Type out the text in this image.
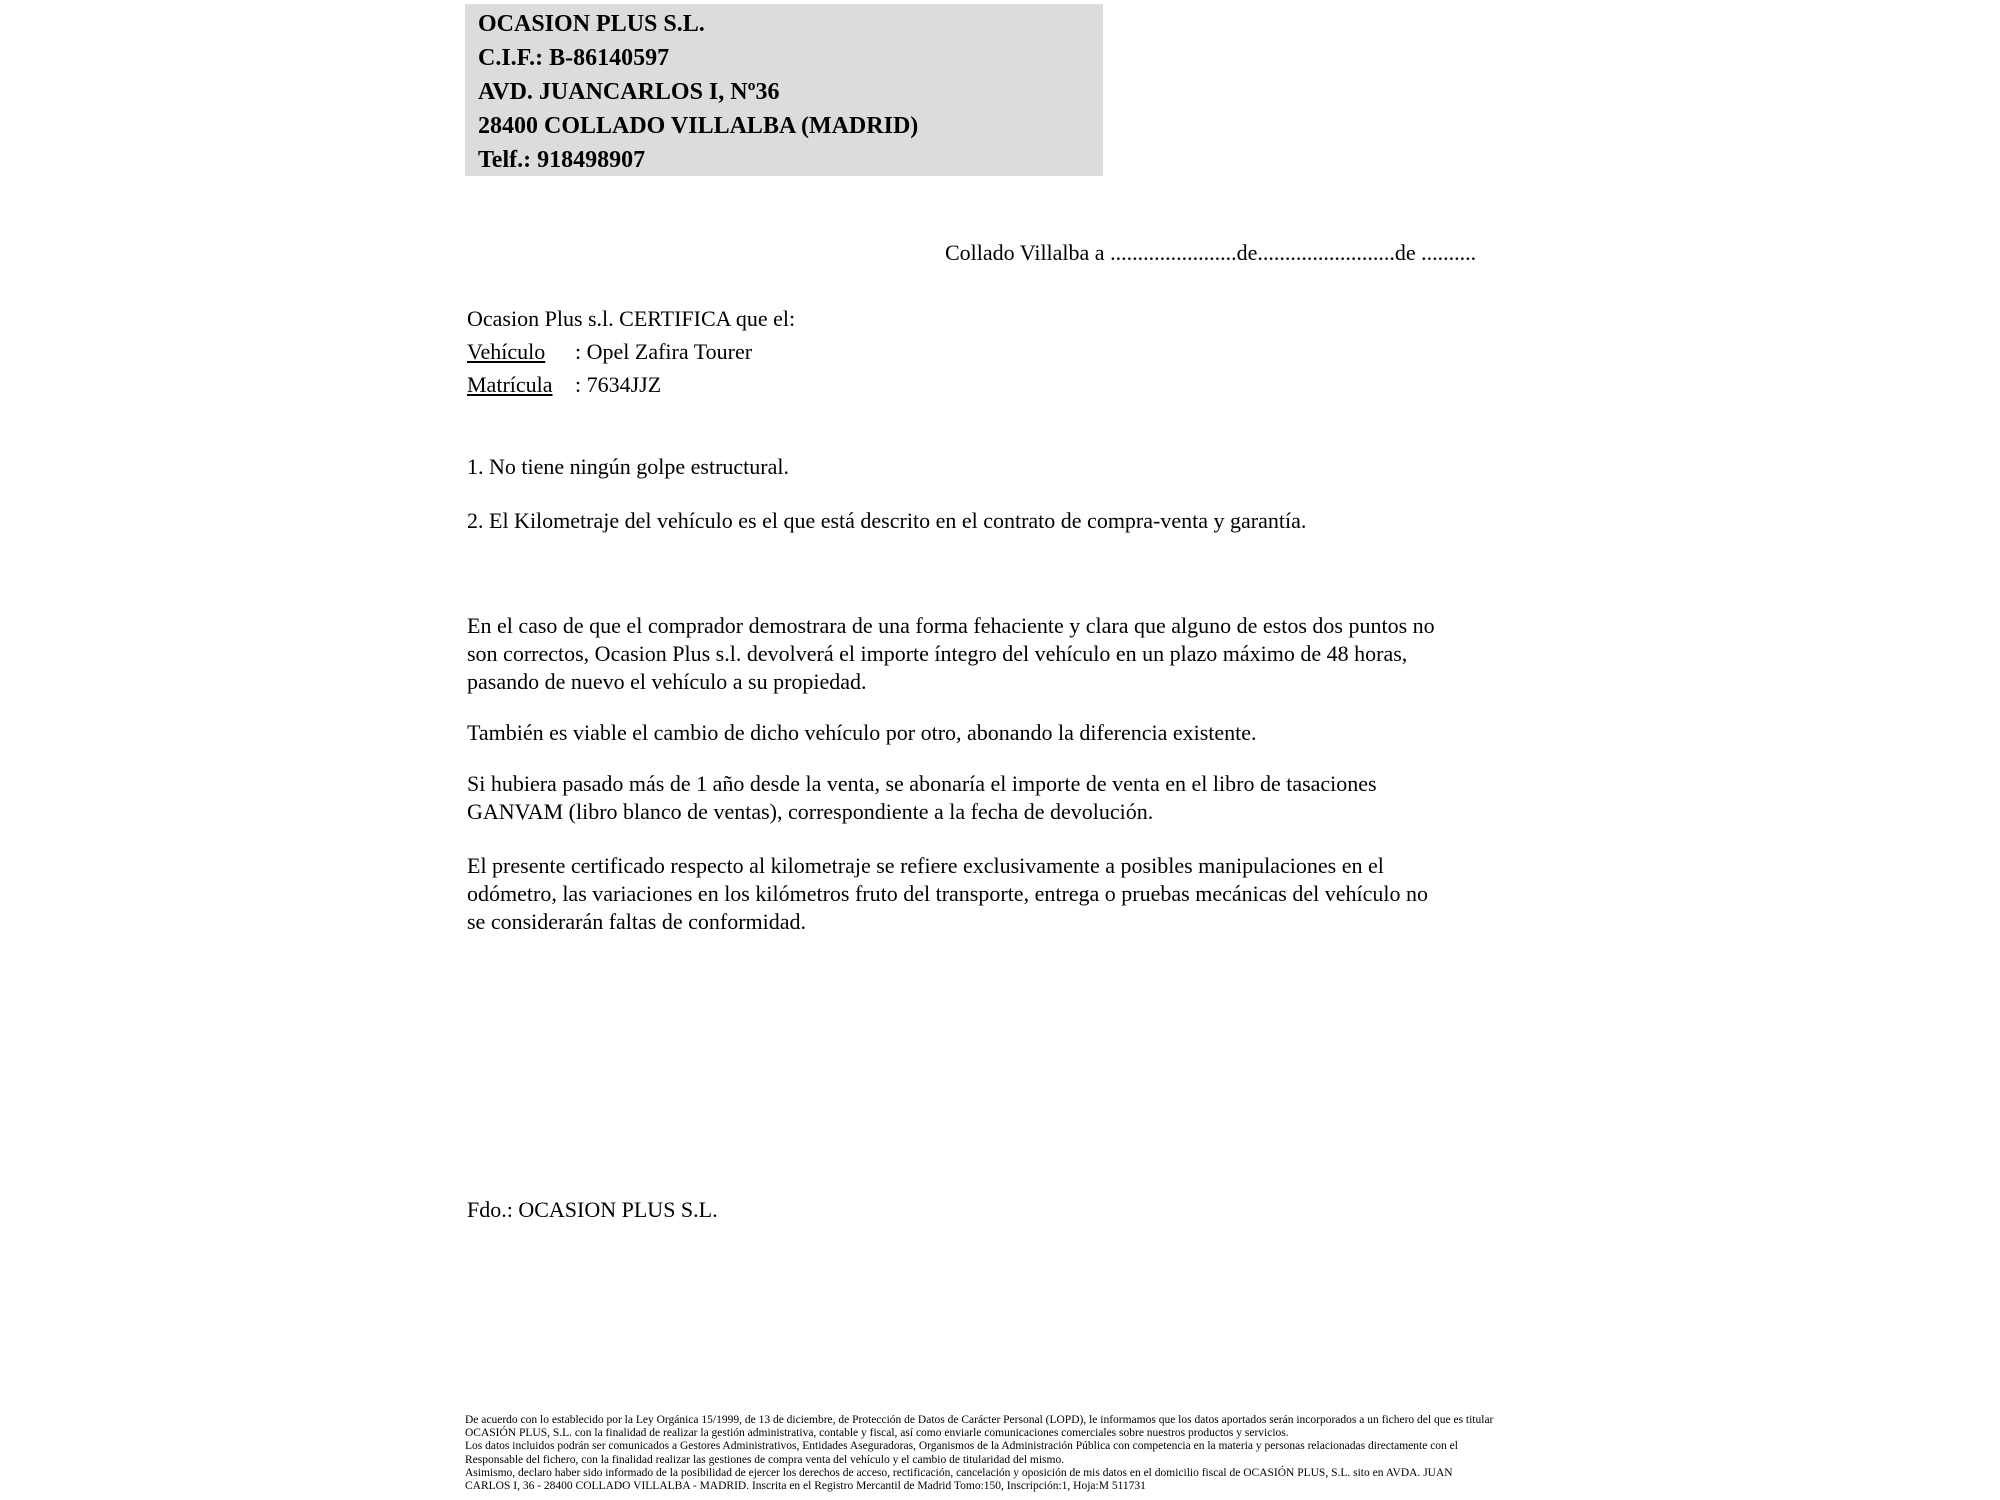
OCASION PLUS S.L.
C.I.F.: B-86140597
AVD. JUANCARLOS I, Nº36
28400 COLLADO VILLALBA (MADRID)
Telf.: 918498907
Collado Villalba a .......................de.........................de ..........
Ocasion Plus s.l. CERTIFICA que el:
Vehículo : Opel Zafira Tourer
Matrícula : 7634JJZ
1. No tiene ningún golpe estructural.
2. El Kilometraje del vehículo es el que está descrito en el contrato de compra-venta y garantía.
En el caso de que el comprador demostrara de una forma fehaciente y clara que alguno de estos dos puntos no
son correctos, Ocasion Plus s.l. devolverá el importe íntegro del vehículo en un plazo máximo de 48 horas,
pasando de nuevo el vehículo a su propiedad.
También es viable el cambio de dicho vehículo por otro, abonando la diferencia existente.
Si hubiera pasado más de 1 año desde la venta, se abonaría el importe de venta en el libro de tasaciones
GANVAM (libro blanco de ventas), correspondiente a la fecha de devolución.
El presente certificado respecto al kilometraje se refiere exclusivamente a posibles manipulaciones en el
odómetro, las variaciones en los kilómetros fruto del transporte, entrega o pruebas mecánicas del vehículo no
se considerarán faltas de conformidad.
Fdo.: OCASION PLUS S.L.
De acuerdo con lo establecido por la Ley Orgánica 15/1999, de 13 de diciembre, de Protección de Datos de Carácter Personal (LOPD), le informamos que los datos aportados serán incorporados a un fichero del que es titular
OCASIÓN PLUS, S.L. con la finalidad de realizar la gestión administrativa, contable y fiscal, así como enviarle comunicaciones comerciales sobre nuestros productos y servicios.
Los datos incluidos podrán ser comunicados a Gestores Administrativos, Entidades Aseguradoras, Organismos de la Administración Pública con competencia en la materia y personas relacionadas directamente con el
Responsable del fichero, con la finalidad realizar las gestiones de compra venta del vehículo y el cambio de titularidad del mismo.
Asimismo, declaro haber sido informado de la posibilidad de ejercer los derechos de acceso, rectificación, cancelación y oposición de mis datos en el domicilio fiscal de OCASIÓN PLUS, S.L. sito en AVDA. JUAN
CARLOS I, 36 - 28400 COLLADO VILLALBA - MADRID. Inscrita en el Registro Mercantil de Madrid Tomo:150, Inscripción:1, Hoja:M 511731
